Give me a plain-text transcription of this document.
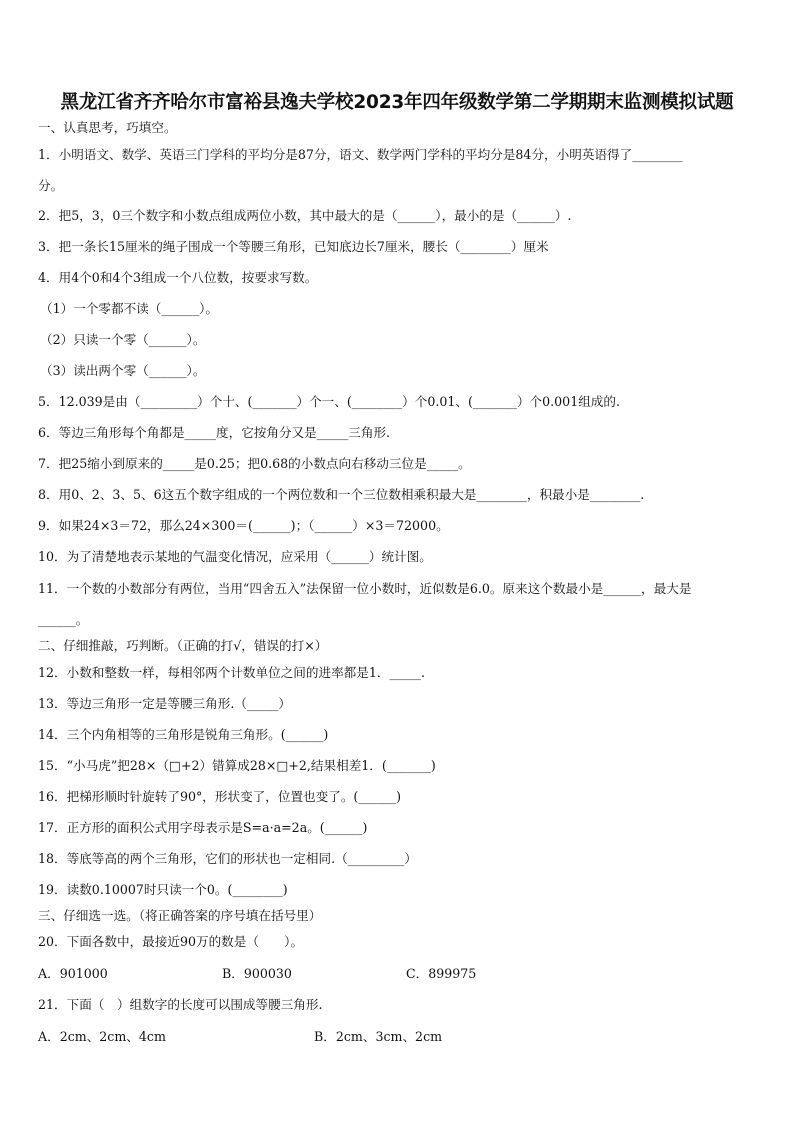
黑龙江省齐齐哈尔市富裕县逸夫学校2023年四年级数学第二学期期末监测模拟试题
一、认真思考，巧填空。
1．小明语文、数学、英语三门学科的平均分是87分，语文、数学两门学科的平均分是84分，小明英语得了________
分。
2．把5，3，0三个数字和小数点组成两位小数，其中最大的是（______），最小的是（______）.
3．把一条长15厘米的绳子围成一个等腰三角形，已知底边长7厘米，腰长（________）厘米
4．用4个0和4个3组成一个八位数，按要求写数。
（1）一个零都不读（______）。
（2）只读一个零（______）。
（3）读出两个零（______）。
5．12.039是由（_________）个十、(_______）个一、(________）个0.01、(_______）个0.001组成的.
6．等边三角形每个角都是_____度，它按角分又是_____三角形.
7．把25缩小到原来的_____是0.25；把0.68的小数点向右移动三位是_____。
8．用0、2、3、5、6这五个数字组成的一个两位数和一个三位数相乘积最大是________，积最小是________.
9．如果24×3＝72，那么24×300＝(______)；（______）×3＝72000。
10．为了清楚地表示某地的气温变化情况，应采用（______）统计图。
11．一个数的小数部分有两位，当用“四舍五入”法保留一位小数时，近似数是6.0。原来这个数最小是______，最大是
______。
二、仔细推敲，巧判断。（正确的打√，错误的打×）
12．小数和整数一样，每相邻两个计数单位之间的进率都是1．_____.
13．等边三角形一定是等腰三角形.（_____）
14．三个内角相等的三角形是锐角三角形。(______)
15．“小马虎”把28×（□+2）错算成28×□+2,结果相差1．(_______)
16．把梯形顺时针旋转了90°，形状变了，位置也变了。(______)
17．正方形的面积公式用字母表示是S=a·a=2a。(______)
18．等底等高的两个三角形，它们的形状也一定相同.（_________）
19．读数0.10007时只读一个0。(________)
三、仔细选一选。（将正确答案的序号填在括号里）
20．下面各数中，最接近90万的数是（　　）。
A．901000	B．900030	C．899975
21．下面（　）组数字的长度可以围成等腰三角形.
A．2cm、2cm、4cm	B．2cm、3cm、2cm
